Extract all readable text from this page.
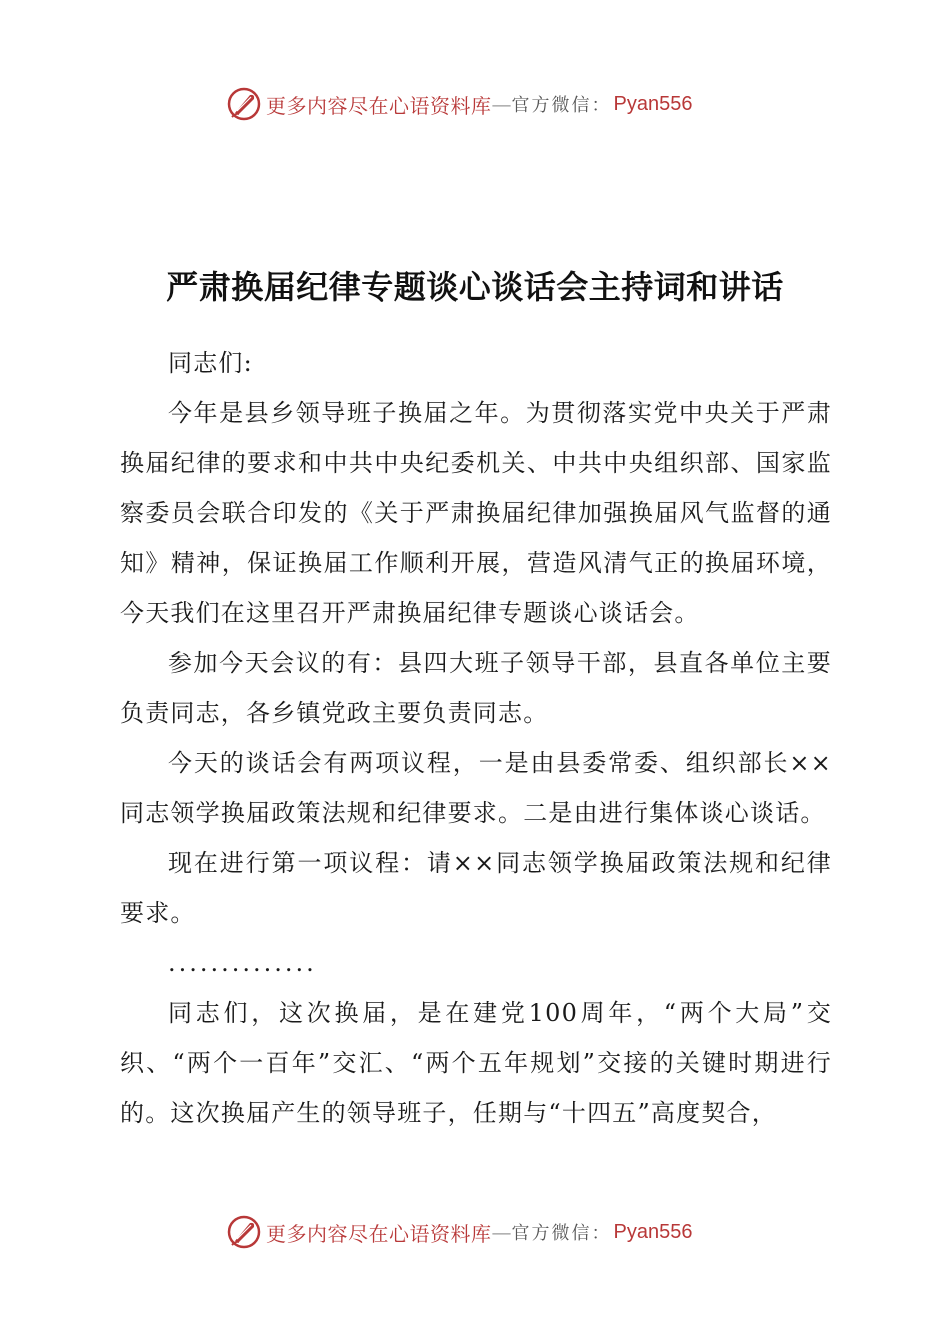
更多内容尽在心语资料库 — 官方微信： Pyan556
严肃换届纪律专题谈心谈话会主持词和讲话

同志们:

今年是县乡领导班子换届之年。为贯彻落实党中央关于严肃换届纪律的要求和中共中央纪委机关、中共中央组织部、国家监察委员会联合印发的《关于严肃换届纪律加强换届风气监督的通知》精神，保证换届工作顺利开展，营造风清气正的换届环境，今天我们在这里召开严肃换届纪律专题谈心谈话会。

参加今天会议的有：县四大班子领导干部，县直各单位主要负责同志，各乡镇党政主要负责同志。

今天的谈话会有两项议程，一是由县委常委、组织部长××同志领学换届政策法规和纪律要求。二是由进行集体谈心谈话。

现在进行第一项议程：请××同志领学换届政策法规和纪律要求。

..............

同志们，这次换届，是在建党100周年，“两个大局”交织、“两个一百年”交汇、“两个五年规划”交接的关键时期进行的。这次换届产生的领导班子，任期与“十四五”高度契合，

更多内容尽在心语资料库 — 官方微信： Pyan556
